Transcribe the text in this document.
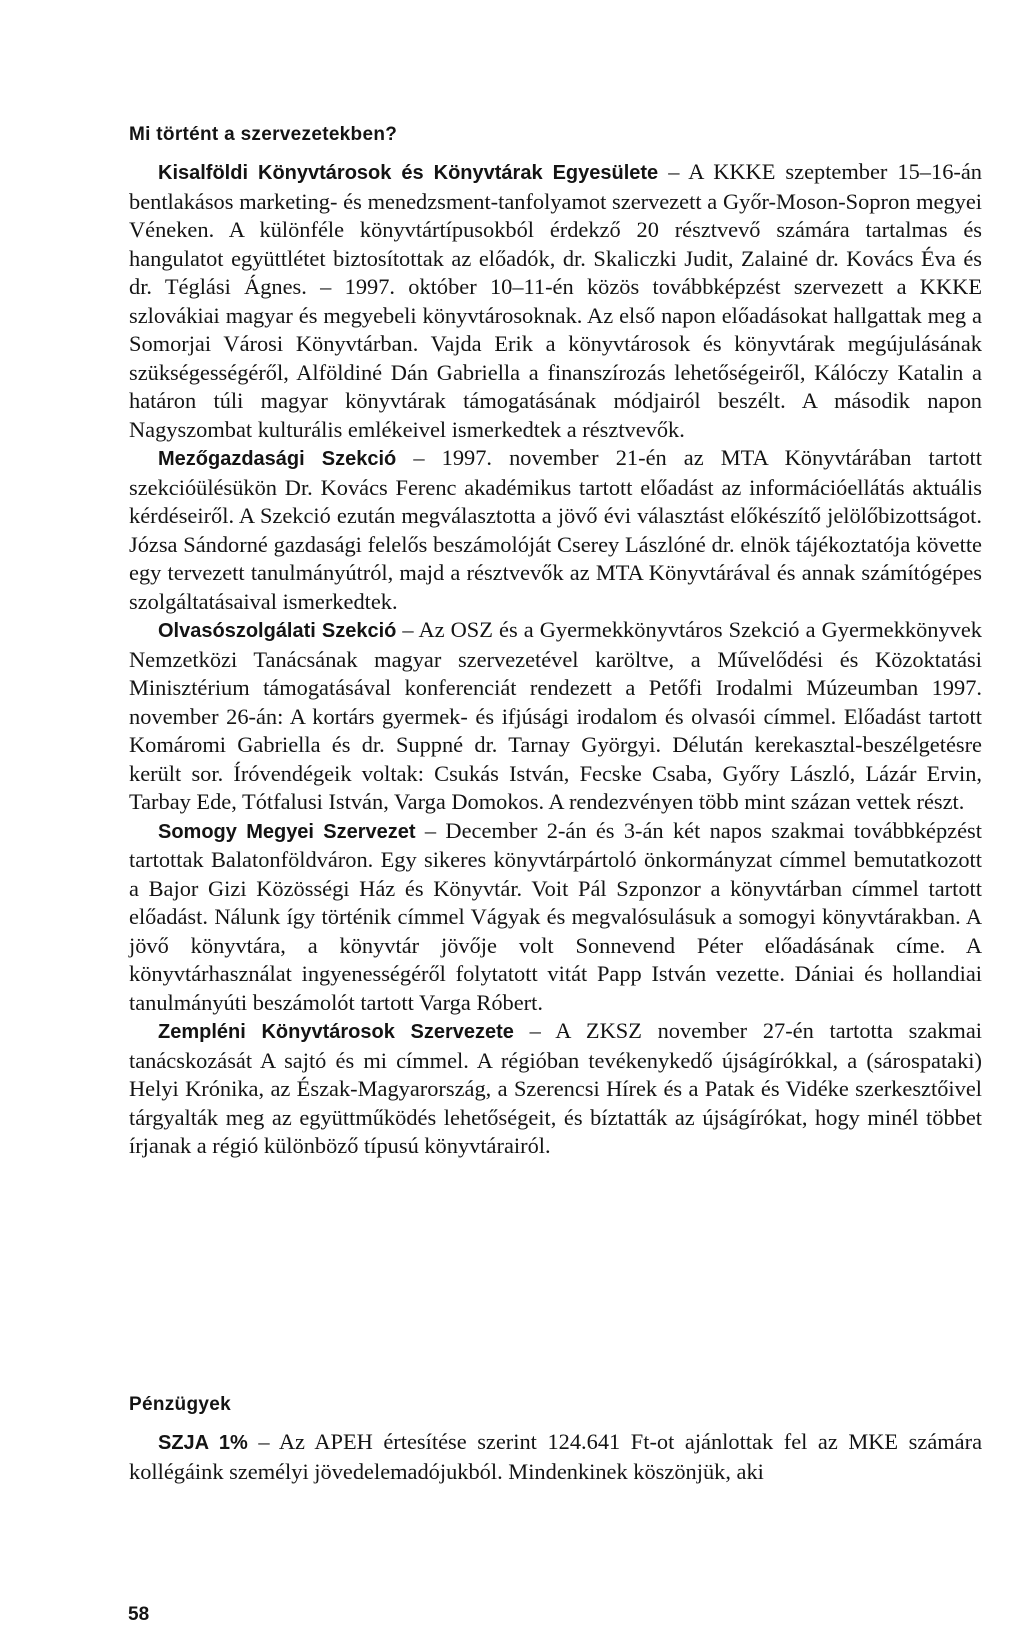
Mi történt a szervezetekben?

Kisalföldi Könyvtárosok és Könyvtárak Egyesülete – A KKKE szeptember 15–16-án bentlakásos marketing- és menedzsment-tanfolyamot szervezett a Győr-Moson-Sopron megyei Véneken. A különféle könyvtártípusokból érdekző 20 résztvevő számára tartalmas és hangulatot együttlétet biztosítottak az előadók, dr. Skaliczki Judit, Zalainé dr. Kovács Éva és dr. Téglási Ágnes. – 1997. október 10–11-én közös továbbképzést szervezett a KKKE szlovákiai magyar és megyebeli könyvtárosoknak. Az első napon előadásokat hallgattak meg a Somorjai Városi Könyvtárban. Vajda Erik a könyvtárosok és könyvtárak megújulásának szükségességéről, Alföldiné Dán Gabriella a finanszírozás lehetőségeiről, Kálóczy Katalin a határon túli magyar könyvtárak támogatásának módjairól beszélt. A második napon Nagyszombat kulturális emlékeivel ismerkedtek a résztvevők.

Mezőgazdasági Szekció – 1997. november 21-én az MTA Könyvtárában tartott szekcióülésükön Dr. Kovács Ferenc akadémikus tartott előadást az információellátás aktuális kérdéseiről. A Szekció ezután megválasztotta a jövő évi választást előkészítő jelölőbizottságot. Józsa Sándorné gazdasági felelős beszámolóját Cserey Lászlóné dr. elnök tájékoztatója követte egy tervezett tanulmányútról, majd a résztvevők az MTA Könyvtárával és annak számítógépes szolgáltatásaival ismerkedtek.

Olvasószolgálati Szekció – Az OSZ és a Gyermekkönyvtáros Szekció a Gyermekkönyvek Nemzetközi Tanácsának magyar szervezetével karöltve, a Művelődési és Közoktatási Minisztérium támogatásával konferenciát rendezett a Petőfi Irodalmi Múzeumban 1997. november 26-án: A kortárs gyermek- és ifjúsági irodalom és olvasói címmel. Előadást tartott Komáromi Gabriella és dr. Suppné dr. Tarnay Györgyi. Délután kerekasztal-beszélgetésre került sor. Íróvendégeik voltak: Csukás István, Fecske Csaba, Győry László, Lázár Ervin, Tarbay Ede, Tótfalusi István, Varga Domokos. A rendezvényen több mint százan vettek részt.

Somogy Megyei Szervezet – December 2-án és 3-án két napos szakmai továbbképzést tartottak Balatonföldváron. Egy sikeres könyvtárpártoló önkormányzat címmel bemutatkozott a Bajor Gizi Közösségi Ház és Könyvtár. Voit Pál Szponzor a könyvtárban címmel tartott előadást. Nálunk így történik címmel Vágyak és megvalósulásuk a somogyi könyvtárakban. A jövő könyvtára, a könyvtár jövője volt Sonnevend Péter előadásának címe. A könyvtárhasználat ingyenességéről folytatott vitát Papp István vezette. Dániai és hollandiai tanulmányúti beszámolót tartott Varga Róbert.

Zempléni Könyvtárosok Szervezete – A ZKSZ november 27-én tartotta szakmai tanácskozását A sajtó és mi címmel. A régióban tevékenykedő újságírókkal, a (sárospataki) Helyi Krónika, az Észak-Magyarország, a Szerencsi Hírek és a Patak és Vidéke szerkesztőivel tárgyalták meg az együttműködés lehetőségeit, és bíztatták az újságírókat, hogy minél többet írjanak a régió különböző típusú könyvtárairól.

Pénzügyek

SZJA 1% – Az APEH értesítése szerint 124.641 Ft-ot ajánlottak fel az MKE számára kollégáink személyi jövedelemadójukból. Mindenkinek köszönjük, aki

58
